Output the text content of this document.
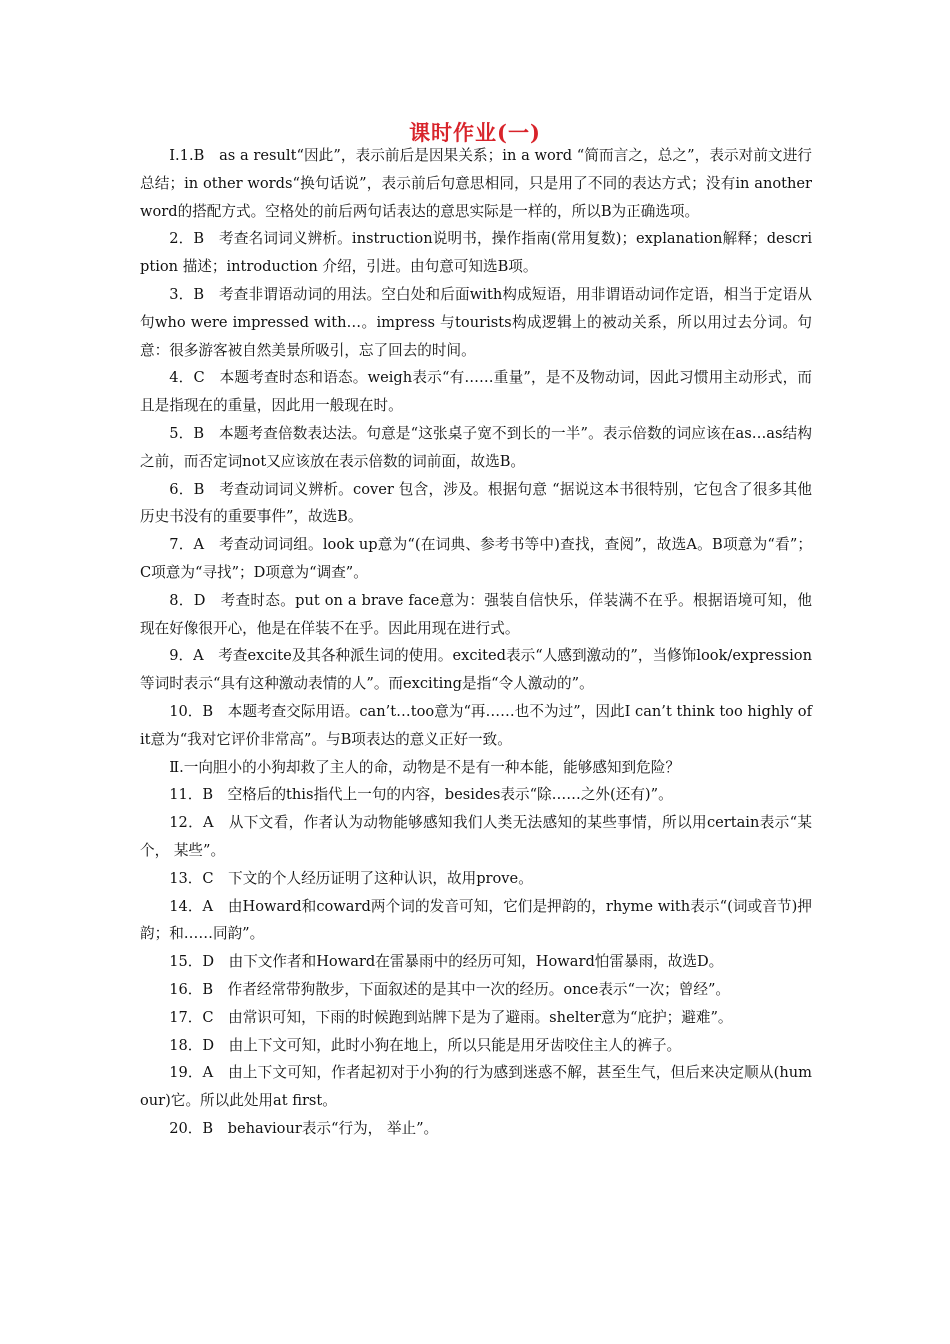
课时作业(一)

Ⅰ.1.B　as a result“因此”，表示前后是因果关系；in a word “简而言之，总之”，表示对前文进行总结；in other words“换句话说”，表示前后句意思相同，只是用了不同的表达方式；没有in another word的搭配方式。空格处的前后两句话表达的意思实际是一样的，所以B为正确选项。

2．B　考查名词词义辨析。instruction说明书，操作指南(常用复数)；explanation解释；description 描述；introduction 介绍，引进。由句意可知选B项。

3．B　考查非谓语动词的用法。空白处和后面with构成短语，用非谓语动词作定语，相当于定语从句who were impressed with…。impress 与tourists构成逻辑上的被动关系，所以用过去分词。句意：很多游客被自然美景所吸引，忘了回去的时间。

4．C　本题考查时态和语态。weigh表示“有……重量”，是不及物动词，因此习惯用主动形式，而且是指现在的重量，因此用一般现在时。

5．B　本题考查倍数表达法。句意是“这张桌子宽不到长的一半”。表示倍数的词应该在as…as结构之前，而否定词not又应该放在表示倍数的词前面，故选B。

6．B　考查动词词义辨析。cover 包含，涉及。根据句意 “据说这本书很特别，它包含了很多其他历史书没有的重要事件”，故选B。

7．A　考查动词词组。look up意为“(在词典、参考书等中)查找，查阅”，故选A。B项意为“看”；C项意为“寻找”；D项意为“调查”。

8．D　考查时态。put on a brave face意为：强装自信快乐，佯装满不在乎。根据语境可知，他现在好像很开心，他是在佯装不在乎。因此用现在进行式。

9．A　考查excite及其各种派生词的使用。excited表示“人感到激动的”，当修饰look/expression等词时表示“具有这种激动表情的人”。而exciting是指“令人激动的”。

10．B　本题考查交际用语。can’t…too意为“再……也不为过”，因此I can’t think too highly of it意为“我对它评价非常高”。与B项表达的意义正好一致。

Ⅱ.一向胆小的小狗却救了主人的命，动物是不是有一种本能，能够感知到危险？

11．B　空格后的this指代上一句的内容，besides表示“除……之外(还有)”。

12．A　从下文看，作者认为动物能够感知我们人类无法感知的某些事情，所以用certain表示“某个， 某些”。

13．C　下文的个人经历证明了这种认识，故用prove。

14．A　由Howard和coward两个词的发音可知，它们是押韵的，rhyme with表示“(词或音节)押韵；和……同韵”。

15．D　由下文作者和Howard在雷暴雨中的经历可知，Howard怕雷暴雨，故选D。

16．B　作者经常带狗散步，下面叙述的是其中一次的经历。once表示“一次；曾经”。

17．C　由常识可知，下雨的时候跑到站牌下是为了避雨。shelter意为“庇护；避难”。

18．D　由上下文可知，此时小狗在地上，所以只能是用牙齿咬住主人的裤子。

19．A　由上下文可知，作者起初对于小狗的行为感到迷惑不解，甚至生气，但后来决定顺从(humour)它。所以此处用at first。

20．B　behaviour表示“行为， 举止”。
